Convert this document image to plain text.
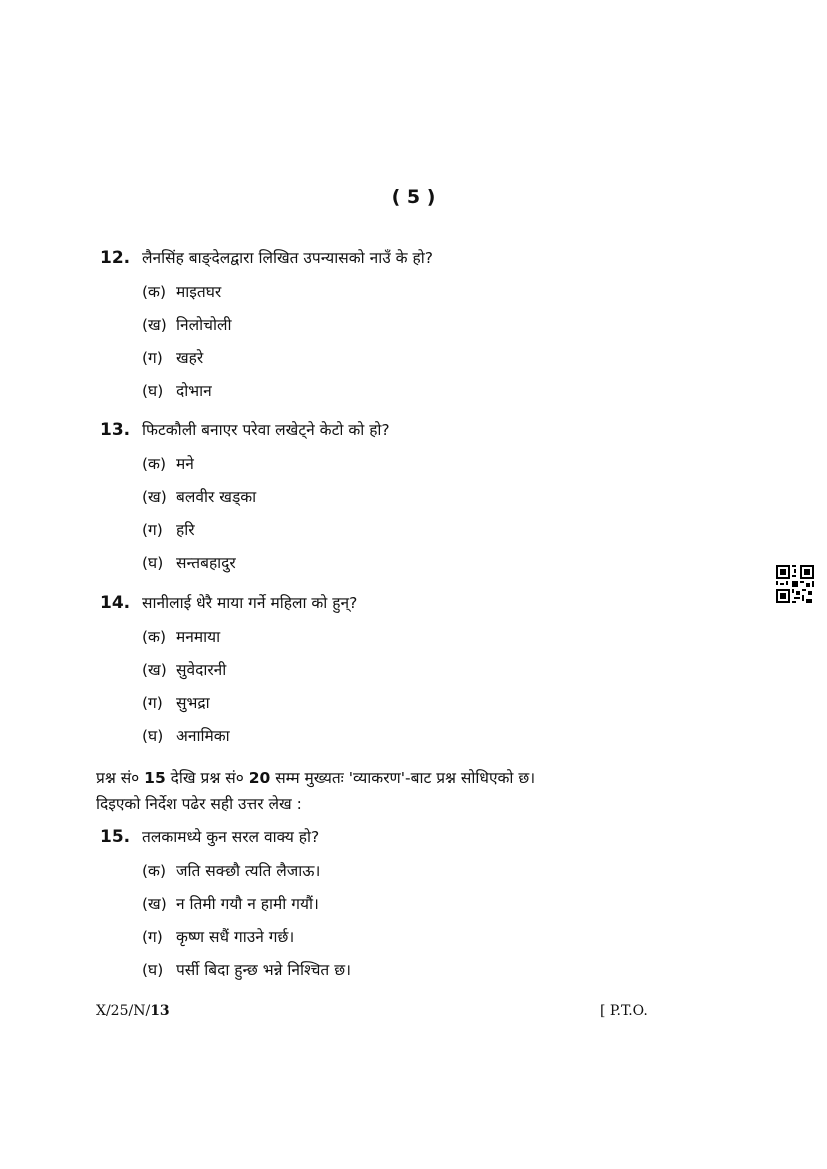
( 5 )
12. लैनसिंह बाङ्देलद्वारा लिखित उपन्यासको नाउँ के हो?
(क) माइतघर
(ख) निलोचोली
(ग) खहरे
(घ) दोभान
13. फिटकौली बनाएर परेवा लखेट्ने केटो को हो?
(क) मने
(ख) बलवीर खड्का
(ग) हरि
(घ) सन्तबहादुर
14. सानीलाई धेरै माया गर्ने महिला को हुन्?
(क) मनमाया
(ख) सुवेदारनी
(ग) सुभद्रा
(घ) अनामिका
प्रश्न सं० 15 देखि प्रश्न सं० 20 सम्म मुख्यतः 'व्याकरण'-बाट प्रश्न सोधिएको छ।
दिइएको निर्देश पढेर सही उत्तर लेख :
15. तलकामध्ये कुन सरल वाक्य हो?
(क) जति सक्छौ त्यति लैजाऊ।
(ख) न तिमी गयौ न हामी गयौं।
(ग) कृष्ण सधैं गाउने गर्छ।
(घ) पर्सी बिदा हुन्छ भन्ने निश्चित छ।
X/25/N/13	[ P.T.O.
